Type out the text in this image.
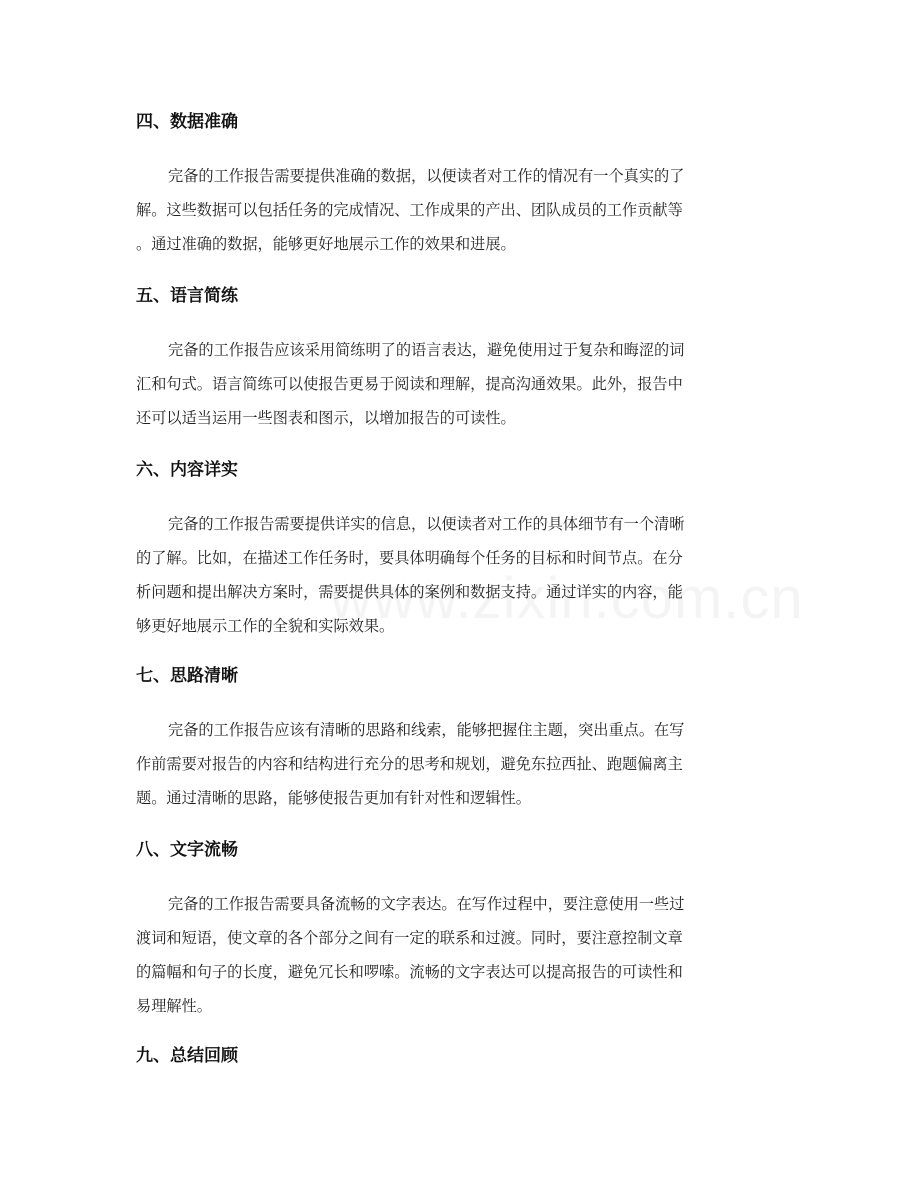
四、数据准确

完备的工作报告需要提供准确的数据，以便读者对工作的情况有一个真实的了
解。这些数据可以包括任务的完成情况、工作成果的产出、团队成员的工作贡献等
。通过准确的数据，能够更好地展示工作的效果和进展。

五、语言简练

完备的工作报告应该采用简练明了的语言表达，避免使用过于复杂和晦涩的词
汇和句式。语言简练可以使报告更易于阅读和理解，提高沟通效果。此外，报告中
还可以适当运用一些图表和图示，以增加报告的可读性。

六、内容详实

完备的工作报告需要提供详实的信息，以便读者对工作的具体细节有一个清晰
的了解。比如，在描述工作任务时，要具体明确每个任务的目标和时间节点。在分
析问题和提出解决方案时，需要提供具体的案例和数据支持。通过详实的内容，能
够更好地展示工作的全貌和实际效果。

七、思路清晰

完备的工作报告应该有清晰的思路和线索，能够把握住主题，突出重点。在写
作前需要对报告的内容和结构进行充分的思考和规划，避免东拉西扯、跑题偏离主
题。通过清晰的思路，能够使报告更加有针对性和逻辑性。

八、文字流畅

完备的工作报告需要具备流畅的文字表达。在写作过程中，要注意使用一些过
渡词和短语，使文章的各个部分之间有一定的联系和过渡。同时，要注意控制文章
的篇幅和句子的长度，避免冗长和啰嗦。流畅的文字表达可以提高报告的可读性和
易理解性。

九、总结回顾
